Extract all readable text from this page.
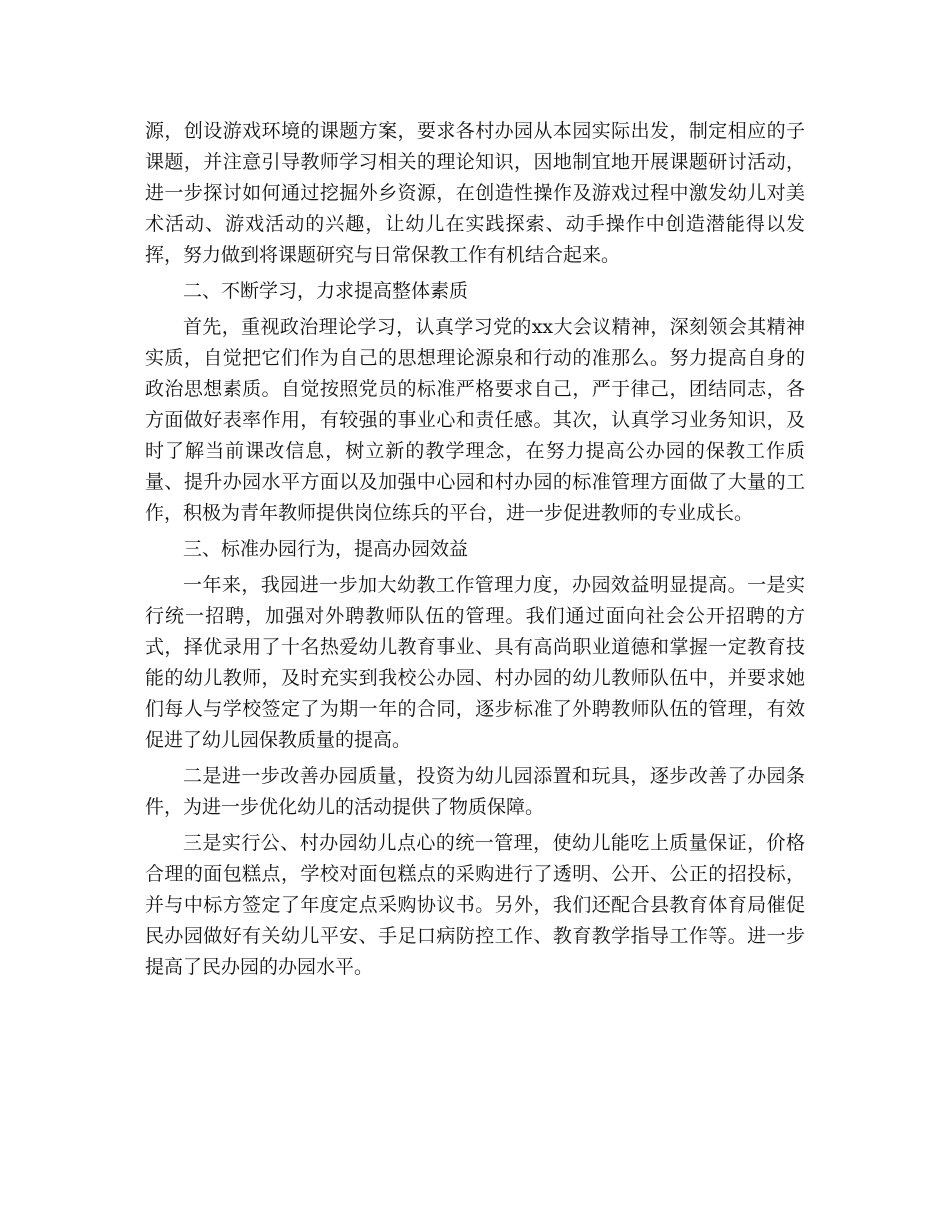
源，创设游戏环境的课题方案，要求各村办园从本园实际出发，制定相应的子课题，并注意引导教师学习相关的理论知识，因地制宜地开展课题研讨活动，进一步探讨如何通过挖掘外乡资源，在创造性操作及游戏过程中激发幼儿对美术活动、游戏活动的兴趣，让幼儿在实践探索、动手操作中创造潜能得以发挥，努力做到将课题研究与日常保教工作有机结合起来。

二、不断学习，力求提高整体素质

首先，重视政治理论学习，认真学习党的xx大会议精神，深刻领会其精神实质，自觉把它们作为自己的思想理论源泉和行动的准那么。努力提高自身的政治思想素质。自觉按照党员的标准严格要求自己，严于律己，团结同志，各方面做好表率作用，有较强的事业心和责任感。其次，认真学习业务知识，及时了解当前课改信息，树立新的教学理念，在努力提高公办园的保教工作质量、提升办园水平方面以及加强中心园和村办园的标准管理方面做了大量的工作，积极为青年教师提供岗位练兵的平台，进一步促进教师的专业成长。

三、标准办园行为，提高办园效益

一年来，我园进一步加大幼教工作管理力度，办园效益明显提高。一是实行统一招聘，加强对外聘教师队伍的管理。我们通过面向社会公开招聘的方式，择优录用了十名热爱幼儿教育事业、具有高尚职业道德和掌握一定教育技能的幼儿教师，及时充实到我校公办园、村办园的幼儿教师队伍中，并要求她们每人与学校签定了为期一年的合同，逐步标准了外聘教师队伍的管理，有效促进了幼儿园保教质量的提高。

二是进一步改善办园质量，投资为幼儿园添置和玩具，逐步改善了办园条件，为进一步优化幼儿的活动提供了物质保障。

三是实行公、村办园幼儿点心的统一管理，使幼儿能吃上质量保证，价格合理的面包糕点，学校对面包糕点的采购进行了透明、公开、公正的招投标，并与中标方签定了年度定点采购协议书。另外，我们还配合县教育体育局催促民办园做好有关幼儿平安、手足口病防控工作、教育教学指导工作等。进一步提高了民办园的办园水平。
